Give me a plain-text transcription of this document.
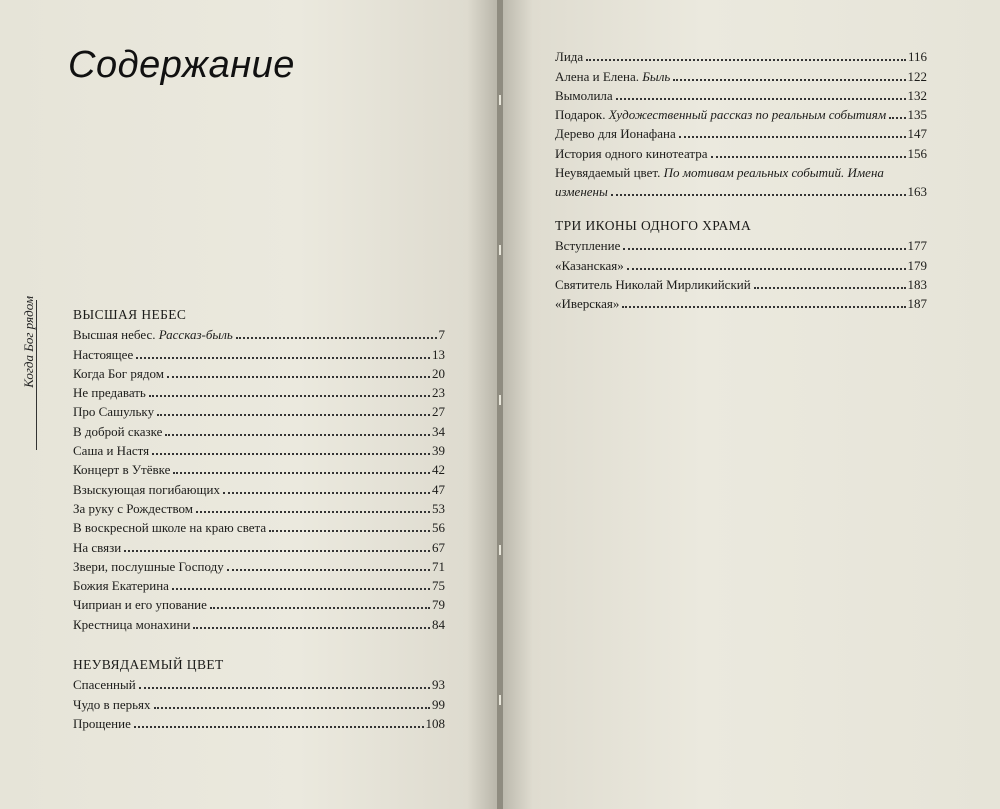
Содержание
Когда Бог рядом	ВЫСШАЯ НЕБЕС
Высшая небес. Рассказ-быль	7
Настоящее	13
Когда Бог рядом	20
Не предавать	23
Про Сашульку	27
В доброй сказке	34
Саша и Настя	39
Концерт в Утёвке	42
Взыскующая погибающих	47
За руку с Рождеством	53
В воскресной школе на краю света	56
На связи	67
Звери, послушные Господу	71
Божия Екатерина	75
Чиприан и его упование	79
Крестница монахини	84
НЕУВЯДАЕМЫЙ ЦВЕТ
Спасенный	93
Чудо в перьях	99
Прощение	108
Лида	116
Алена и Елена. Быль	122
Вымолила	132
Подарок. Художественный рассказ по реальным событиям 135
Дерево для Ионафана	147
История одного кинотеатра	156
Неувядаемый цвет. По мотивам реальных событий. Имена
изменены	163
ТРИ ИКОНЫ ОДНОГО ХРАМА
Вступление	177
«Казанская»	179
Святитель Николай Мирликийский	183
«Иверская»	187
